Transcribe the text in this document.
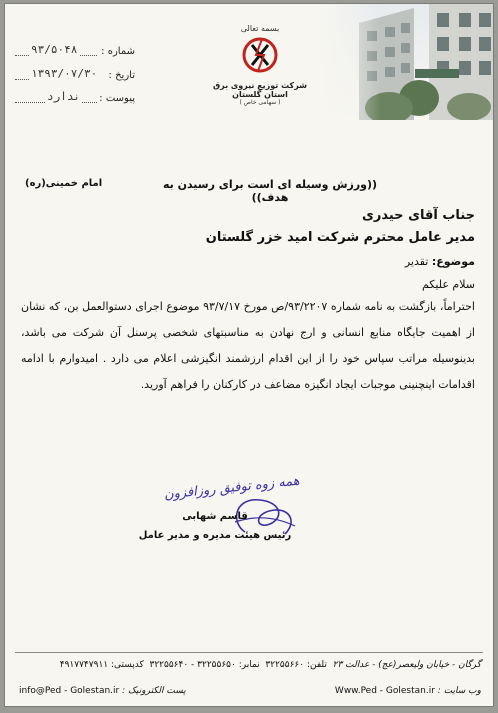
بسمه تعالی
شرکت توزیع نیروی برق
استان گلستان
( سهامی خاص )
شماره :
۹۳/۵۰۴۸
تاریخ :
۱۳۹۳/۰۷/۳۰
پیوست :
ندارد
((ورزش وسیله ای است برای رسیدن به هدف))
امام خمینی(ره)
جناب آقای حیدری
مدیر عامل محترم شرکت امید خزر گلستان
موضوع: تقدیر
سلام علیکم
احتراماً، بازگشت به نامه شماره ۹۳/۲۲۰۷/ص مورخ ۹۳/۷/۱۷ موضوع اجرای دستوالعمل بن، که نشان از اهمیت جایگاه منابع انسانی و ارج نهادن به مناسبتهای شخصی پرسنل آن شرکت می باشد، بدینوسیله مراتب سپاس خود را از این اقدام ارزشمند انگیزشی اعلام می دارد . امیدوارم با ادامه اقدامات اینچنینی موجبات ایجاد انگیزه مضاعف در کارکنان را فراهم آورید.
همه زوه توفیق روزافزون
قاسم شهابی
رئیس هیئت مدیره و مدیر عامل
گرگان - خیابان ولیعصر(عج) - عدالت ۲۳  تلفن: ۳۲۲۵۵۶۶۰  نمابر: ۳۲۲۵۵۶۵۰ - ۳۲۲۵۵۶۴۰  کدپستی: ۴۹۱۷۷۴۷۹۱۱
وب سایت : Www.Ped - Golestan.ir
پست الکترونیک : info@Ped - Golestan.ir
